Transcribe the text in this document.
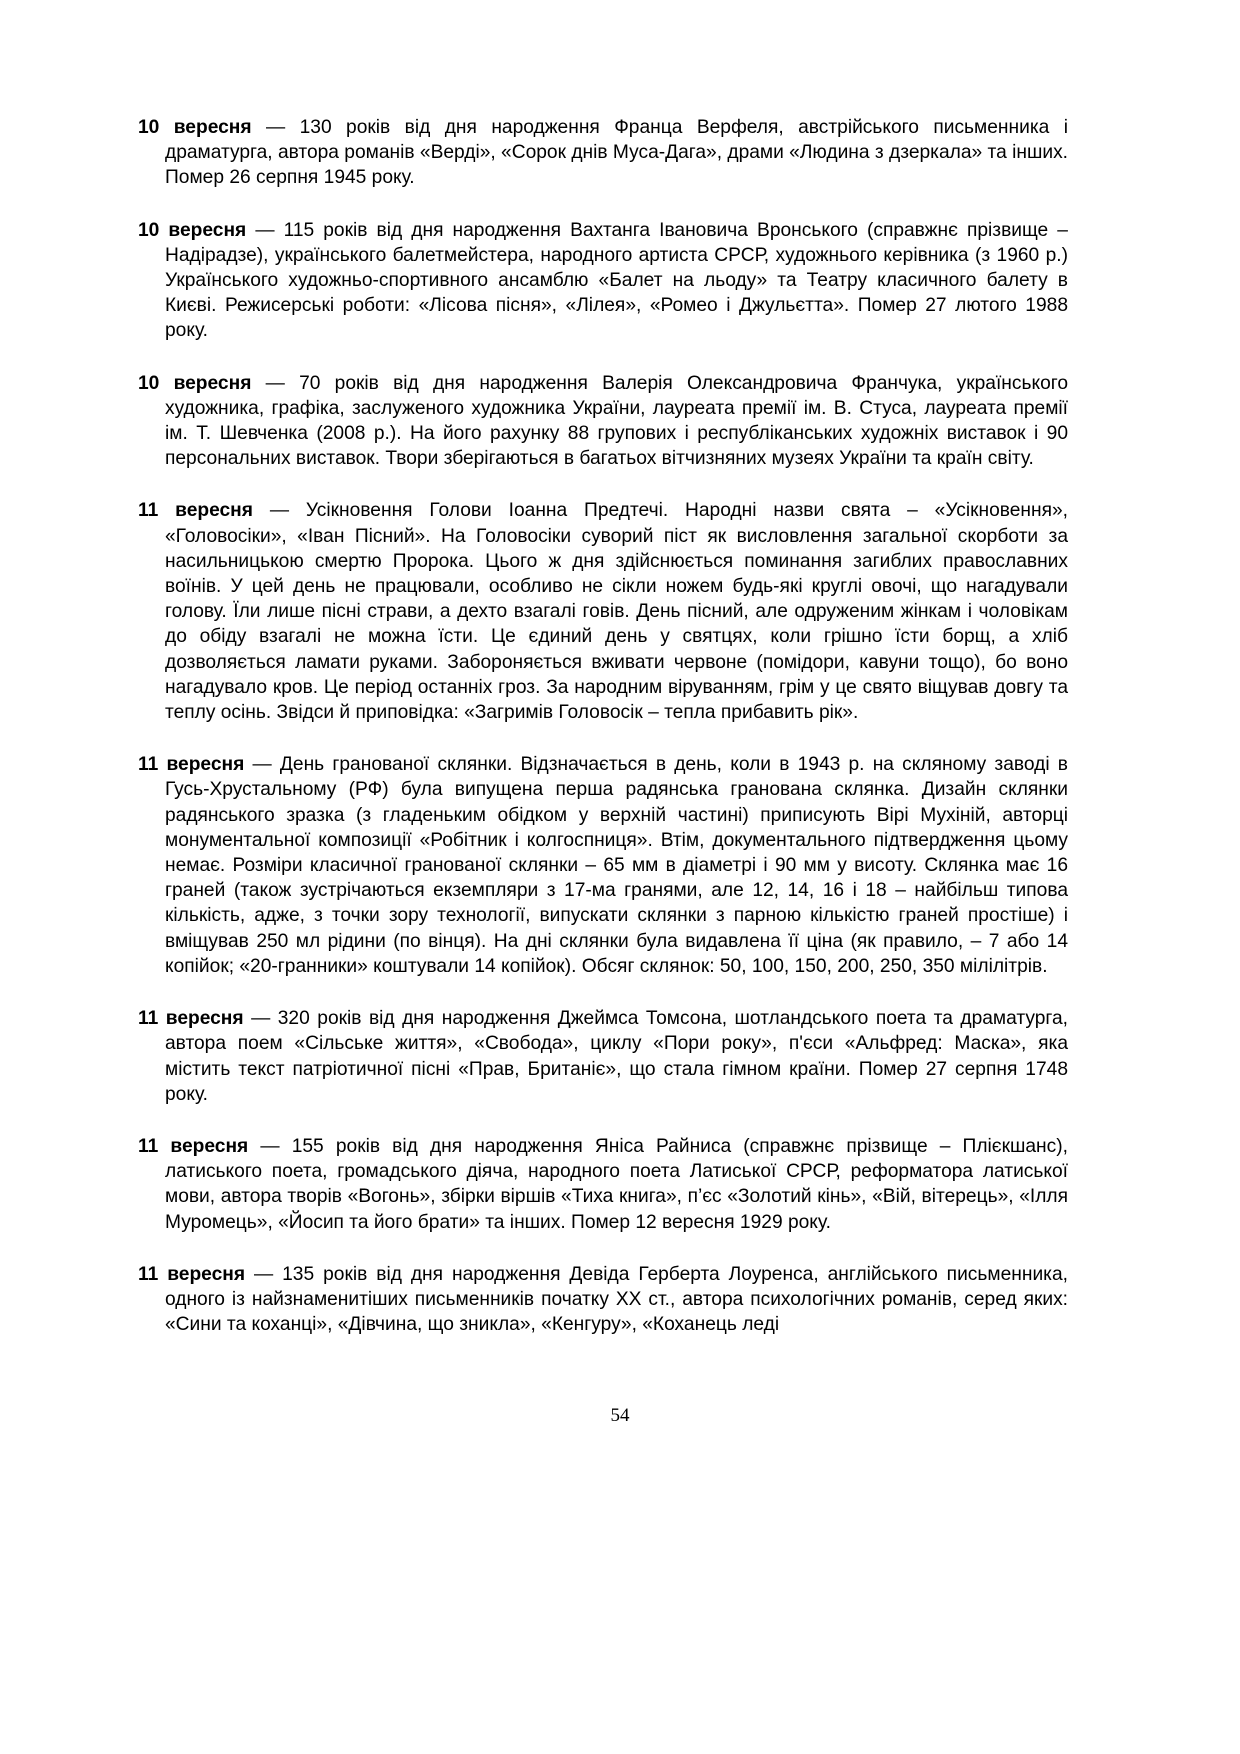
10 вересня — 130 років від дня народження Франца Верфеля, австрійського письменника і драматурга, автора романів «Верді», «Сорок днів Муса-Дага», драми «Людина з дзеркала» та інших. Помер 26 серпня 1945 року.

10 вересня — 115 років від дня народження Вахтанга Івановича Вронського (справжнє прізвище – Надірадзе), українського балетмейстера, народного артиста СРСР, художнього керівника (з 1960 р.) Українського художньо-спортивного ансамблю «Балет на льоду» та Театру класичного балету в Києві. Режисерські роботи: «Лісова пісня», «Лілея», «Ромео і Джульєтта». Помер 27 лютого 1988 року.

10 вересня — 70 років від дня народження Валерія Олександровича Франчука, українського художника, графіка, заслуженого художника України, лауреата премії ім. В. Стуса, лауреата премії ім. Т. Шевченка (2008 р.). На його рахунку 88 групових і республіканських художніх виставок і 90 персональних виставок. Твори зберігаються в багатьох вітчизняних музеях України та країн світу.

11 вересня — Усікновення Голови Іоанна Предтечі. Народні назви свята – «Усікновення», «Головосіки», «Іван Пісний». На Головосіки суворий піст як висловлення загальної скорботи за насильницькою смертю Пророка. Цього ж дня здійснюється поминання загиблих православних воїнів. У цей день не працювали, особливо не сікли ножем будь-які круглі овочі, що нагадували голову. Їли лише пісні страви, а дехто взагалі говів. День пісний, але одруженим жінкам і чоловікам до обіду взагалі не можна їсти. Це єдиний день у святцях, коли грішно їсти борщ, а хліб дозволяється ламати руками. Забороняється вживати червоне (помідори, кавуни тощо), бо воно нагадувало кров. Це період останніх гроз. За народним віруванням, грім у це свято віщував довгу та теплу осінь. Звідси й приповідка: «Загримів Головосік – тепла прибавить рік».

11 вересня — День гранованої склянки. Відзначається в день, коли в 1943 р. на скляному заводі в Гусь-Хрустальному (РФ) була випущена перша радянська гранована склянка. Дизайн склянки радянського зразка (з гладеньким обідком у верхній частині) приписують Вірі Мухіній, авторці монументальної композиції «Робітник і колгоспниця». Втім, документального підтвердження цьому немає. Розміри класичної гранованої склянки – 65 мм в діаметрі і 90 мм у висоту. Склянка має 16 граней (також зустрічаються екземпляри з 17-ма гранями, але 12, 14, 16 і 18 – найбільш типова кількість, адже, з точки зору технології, випускати склянки з парною кількістю граней простіше) і вміщував 250 мл рідини (по вінця). На дні склянки була видавлена її ціна (як правило, – 7 або 14 копійок; «20-гранники» коштували 14 копійок). Обсяг склянок: 50, 100, 150, 200, 250, 350 мілілітрів.

11 вересня — 320 років від дня народження Джеймса Томсона, шотландського поета та драматурга, автора поем «Сільське життя», «Свобода», циклу «Пори року», п'єси «Альфред: Маска», яка містить текст патріотичної пісні «Прав, Британіє», що стала гімном країни. Помер 27 серпня 1748 року.

11 вересня — 155 років від дня народження Яніса Райниса (справжнє прізвище – Плієкшанс), латиського поета, громадського діяча, народного поета Латиської СРСР, реформатора латиської мови, автора творів «Вогонь», збірки віршів «Тиха книга», п’єс «Золотий кінь», «Вій, вітерець», «Ілля Муромець», «Йосип та його брати» та інших. Помер 12 вересня 1929 року.

11 вересня — 135 років від дня народження Девіда Герберта Лоуренса, англійського письменника, одного із найзнаменитіших письменників початку XX ст., автора психологічних романів, серед яких: «Сини та коханці», «Дівчина, що зникла», «Кенгуру», «Коханець леді

54
